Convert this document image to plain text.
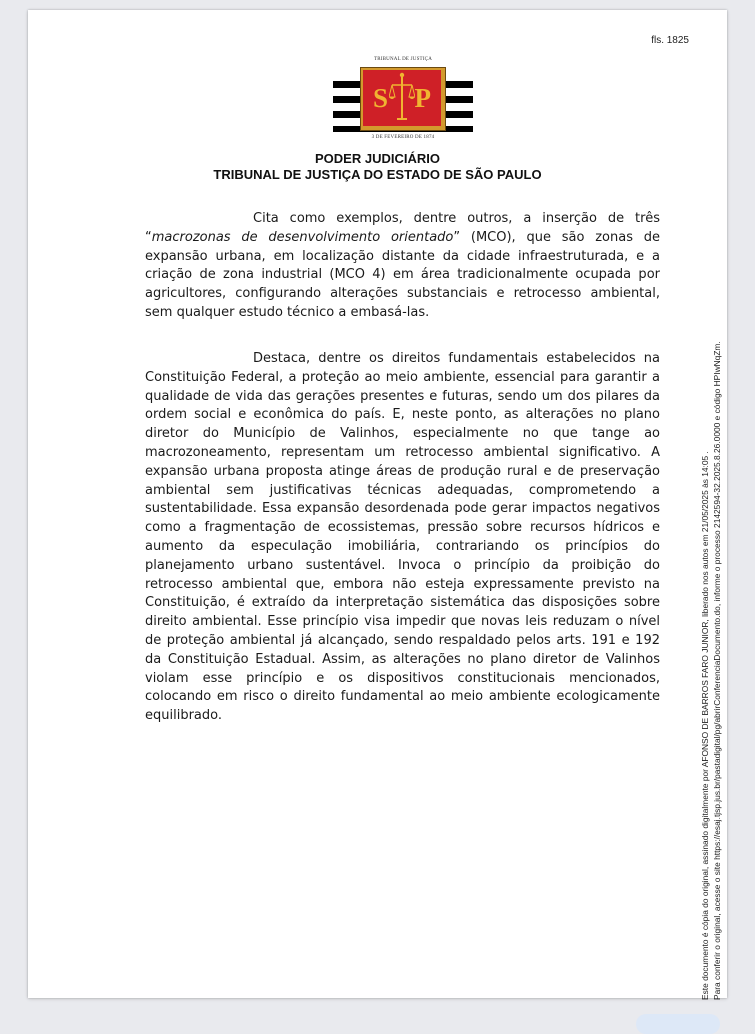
fls. 1825
TRIBUNAL DE JUSTIÇA
S P
3 DE FEVEREIRO DE 1874
PODER JUDICIÁRIO
TRIBUNAL DE JUSTIÇA DO ESTADO DE SÃO PAULO

Cita como exemplos, dentre outros, a inserção de três “macrozonas de desenvolvimento orientado” (MCO), que são zonas de expansão urbana, em localização distante da cidade infraestruturada, e a criação de zona industrial (MCO 4) em área tradicionalmente ocupada por agricultores, configurando alterações substanciais e retrocesso ambiental, sem qualquer estudo técnico a embasá-las.

Destaca, dentre os direitos fundamentais estabelecidos na Constituição Federal, a proteção ao meio ambiente, essencial para garantir a qualidade de vida das gerações presentes e futuras, sendo um dos pilares da ordem social e econômica do país. E, neste ponto, as alterações no plano diretor do Município de Valinhos, especialmente no que tange ao macrozoneamento, representam um retrocesso ambiental significativo. A expansão urbana proposta atinge áreas de produção rural e de preservação ambiental sem justificativas técnicas adequadas, comprometendo a sustentabilidade. Essa expansão desordenada pode gerar impactos negativos como a fragmentação de ecossistemas, pressão sobre recursos hídricos e aumento da especulação imobiliária, contrariando os princípios do planejamento urbano sustentável. Invoca o princípio da proibição do retrocesso ambiental que, embora não esteja expressamente previsto na Constituição, é extraído da interpretação sistemática das disposições sobre direito ambiental. Esse princípio visa impedir que novas leis reduzam o nível de proteção ambiental já alcançado, sendo respaldado pelos arts. 191 e 192 da Constituição Estadual. Assim, as alterações no plano diretor de Valinhos violam esse princípio e os dispositivos constitucionais mencionados, colocando em risco o direito fundamental ao meio ambiente ecologicamente equilibrado.	Este documento é cópia do original, assinado digitalmente por AFONSO DE BARROS FARO JUNIOR, liberado nos autos em 21/05/2025 às 14:05 . Para conferir o original, acesse o site https://esaj.tjsp.jus.br/pastadigital/pg/abrirConferenciaDocumento.do, informe o processo 2142594-32.2025.8.26.0000 e código HPIwNqZm.
